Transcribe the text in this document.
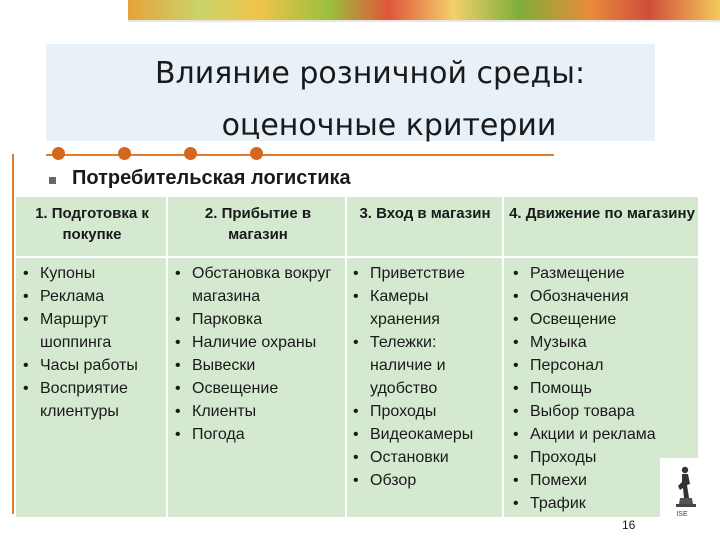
Влияние розничной среды:
оценочные критерии
Потребительская логистика
1. Подготовка к покупке
2. Прибытие в магазин
3. Вход в магазин	4. Движение по магазину
• Купоны
• Реклама
• Маршрут шоппинга
• Часы работы
• Восприятие клиентуры
• Обстановка вокруг магазина
• Парковка
• Наличие охраны
• Вывески
• Освещение
• Клиенты
• Погода
• Приветствие
• Камеры хранения
• Тележки: наличие и удобство
• Проходы
• Видеокамеры
• Остановки
• Обзор
• Размещение
• Обозначения
• Освещение
• Музыка
• Персонал
• Помощь
• Выбор товара
• Акции и реклама
• Проходы
• Помехи
• Трафик
ISE
16
